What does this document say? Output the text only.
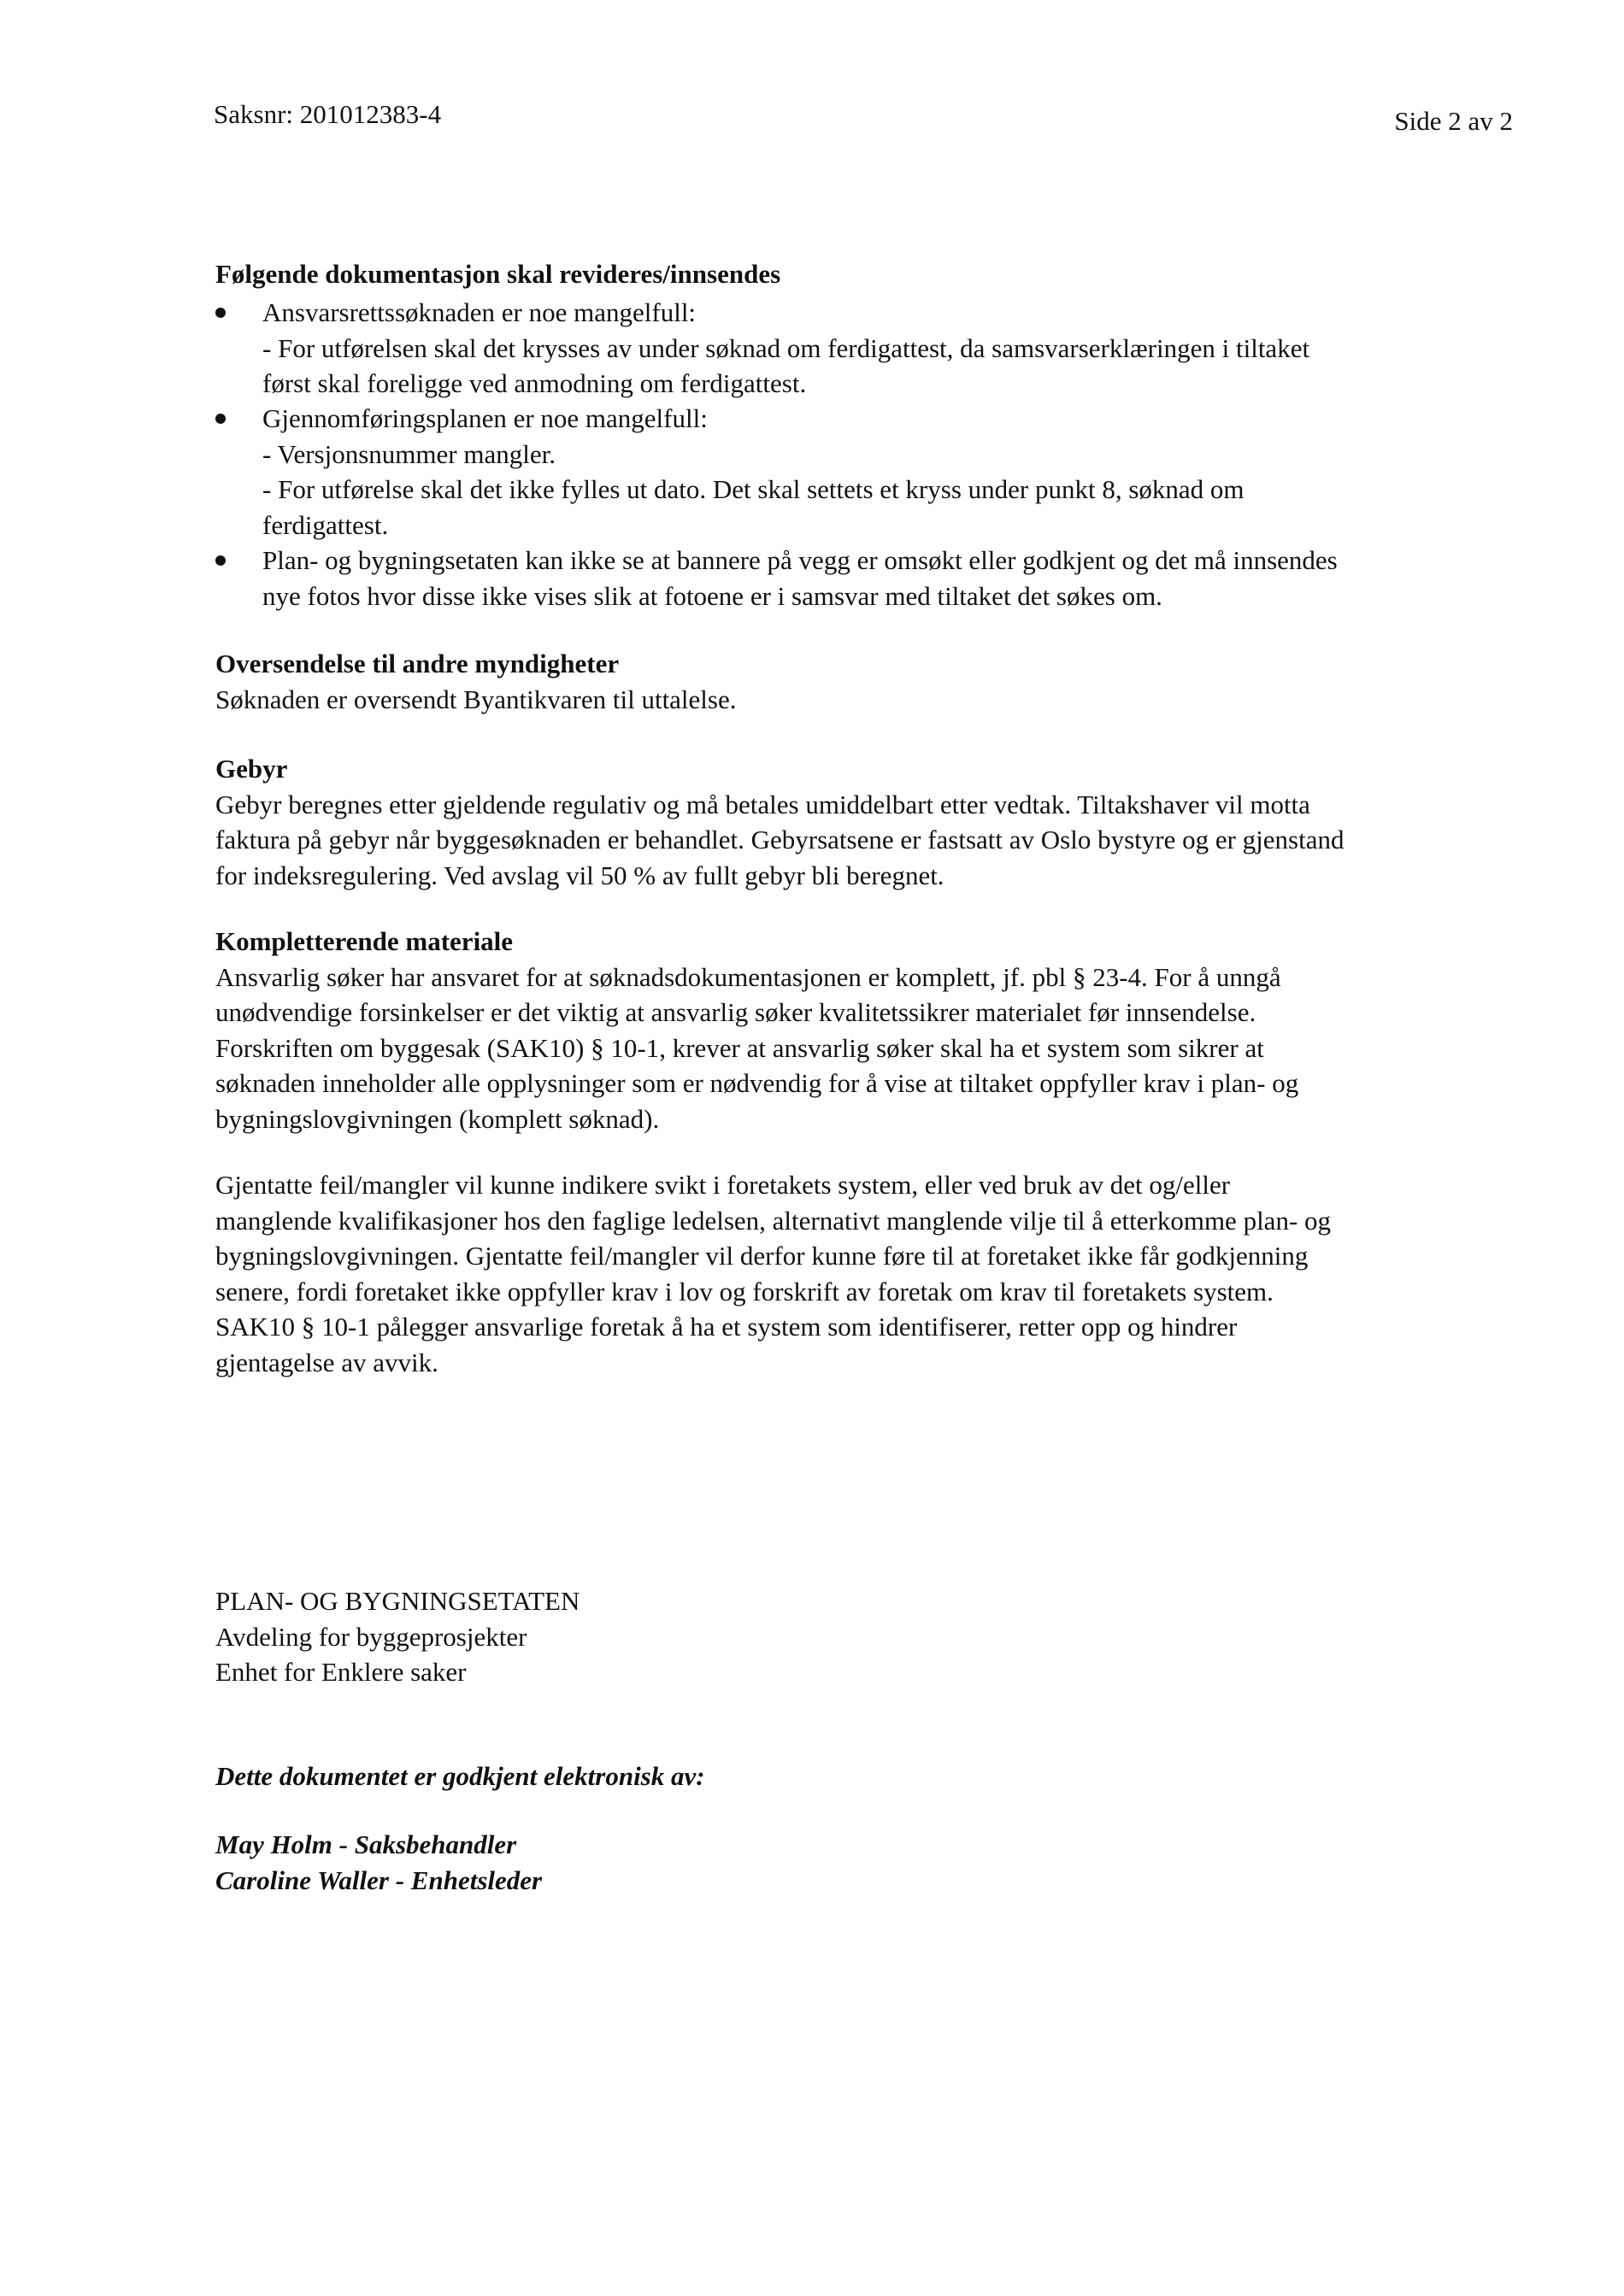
Saksnr: 201012383-4	Side 2 av 2
Følgende dokumentasjon skal revideres/innsendes
Ansvarsrettssøknaden er noe mangelfull:
- For utførelsen skal det krysses av under søknad om ferdigattest, da samsvarserklæringen i tiltaket
først skal foreligge ved anmodning om ferdigattest.
Gjennomføringsplanen er noe mangelfull:
- Versjonsnummer mangler.
- For utførelse skal det ikke fylles ut dato. Det skal settets et kryss under punkt 8, søknad om
ferdigattest.
Plan- og bygningsetaten kan ikke se at bannere på vegg er omsøkt eller godkjent og det må innsendes
nye fotos hvor disse ikke vises slik at fotoene er i samsvar med tiltaket det søkes om.
Oversendelse til andre myndigheter
Søknaden er oversendt Byantikvaren til uttalelse.
Gebyr
Gebyr beregnes etter gjeldende regulativ og må betales umiddelbart etter vedtak. Tiltakshaver vil motta
faktura på gebyr når byggesøknaden er behandlet. Gebyrsatsene er fastsatt av Oslo bystyre og er gjenstand
for indeksregulering. Ved avslag vil 50 % av fullt gebyr bli beregnet.
Kompletterende materiale
Ansvarlig søker har ansvaret for at søknadsdokumentasjonen er komplett, jf. pbl § 23-4. For å unngå
unødvendige forsinkelser er det viktig at ansvarlig søker kvalitetssikrer materialet før innsendelse.
Forskriften om byggesak (SAK10) § 10-1, krever at ansvarlig søker skal ha et system som sikrer at
søknaden inneholder alle opplysninger som er nødvendig for å vise at tiltaket oppfyller krav i plan- og
bygningslovgivningen (komplett søknad).
Gjentatte feil/mangler vil kunne indikere svikt i foretakets system, eller ved bruk av det og/eller
manglende kvalifikasjoner hos den faglige ledelsen, alternativt manglende vilje til å etterkomme plan- og
bygningslovgivningen. Gjentatte feil/mangler vil derfor kunne føre til at foretaket ikke får godkjenning
senere, fordi foretaket ikke oppfyller krav i lov og forskrift av foretak om krav til foretakets system.
SAK10 § 10-1 pålegger ansvarlige foretak å ha et system som identifiserer, retter opp og hindrer
gjentagelse av avvik.
PLAN- OG BYGNINGSETATEN
Avdeling for byggeprosjekter
Enhet for Enklere saker
Dette dokumentet er godkjent elektronisk av:
May Holm - Saksbehandler
Caroline Waller - Enhetsleder
